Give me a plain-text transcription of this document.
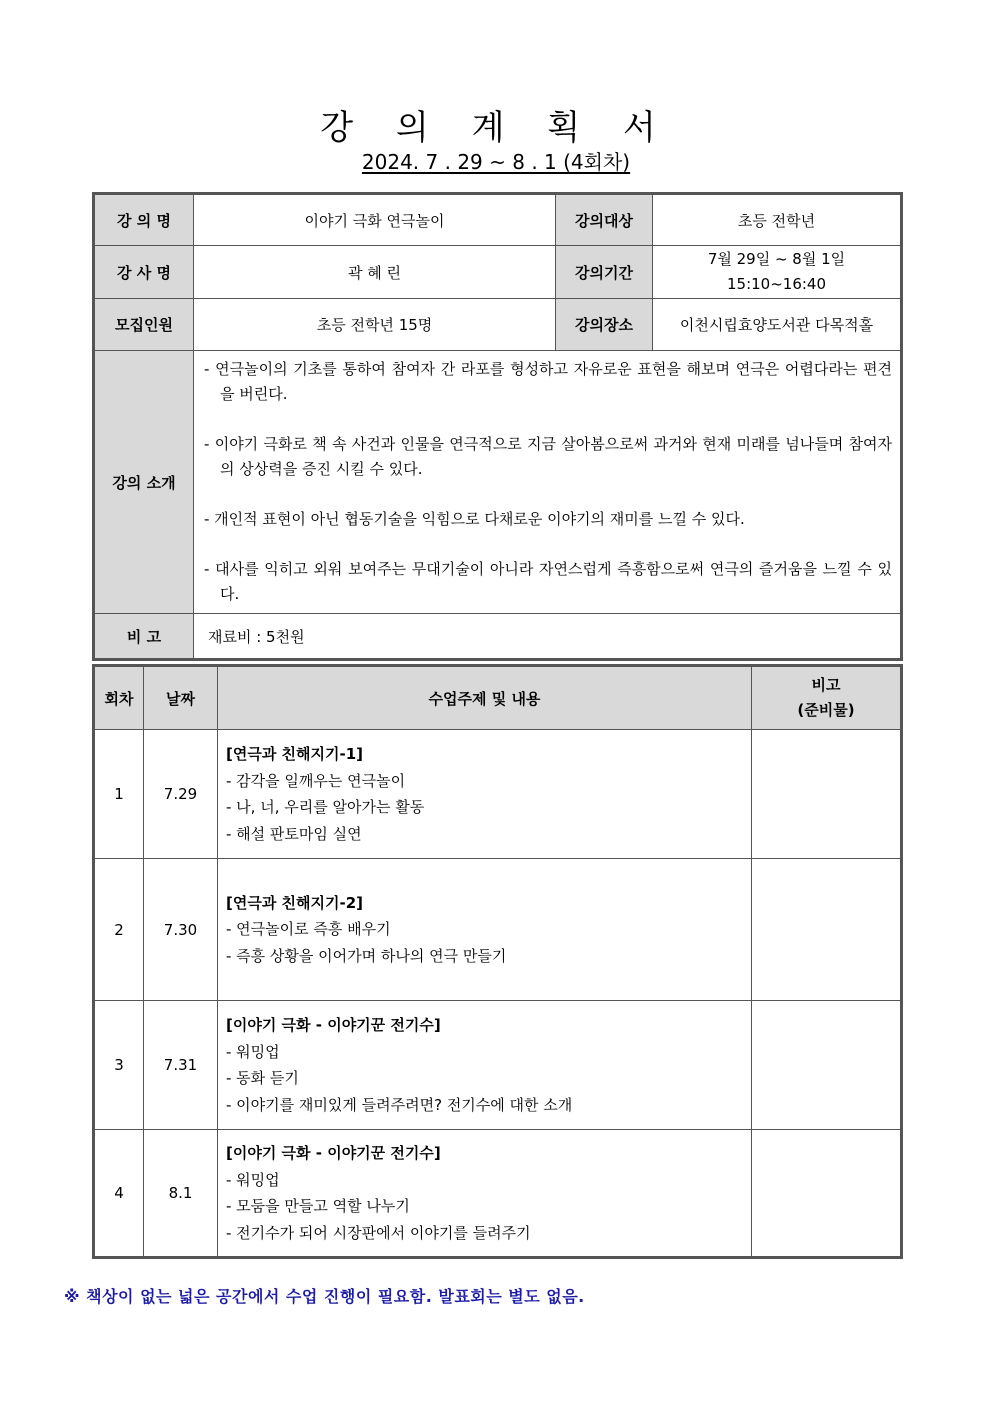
강 의 계 획 서
2024. 7 . 29 ~ 8 . 1 (4회차)
강 의 명	이야기 극화 연극놀이	강의대상	초등 전학년
강 사 명	곽 혜 린	강의기간	7월 29일 ~ 8월 1일
15:10~16:40

모집인원	초등 전학년 15명	강의장소	이천시립효양도서관 다목적홀
강의 소개	- 연극놀이의 기초를 통하여 참여자 간 라포를 형성하고 자유로운 표현을 해보며 연극은 어렵다라는 편견을 버린다.

- 이야기 극화로 책 속 사건과 인물을 연극적으로 지금 살아봄으로써 과거와 현재 미래를 넘나들며 참여자의 상상력을 증진 시킬 수 있다.

- 개인적 표현이 아닌 협동기술을 익힘으로 다채로운 이야기의 재미를 느낄 수 있다.

- 대사를 익히고 외워 보여주는 무대기술이 아니라 자연스럽게 즉흥함으로써 연극의 즐거움을 느낄 수 있다.		

비 고	재료비 : 5천원		
회차	날짜	수업주제 및 내용	비고
(준비물)

1	7.29	[연극과 친해지기-1]
- 감각을 일깨우는 연극놀이
- 나, 너, 우리를 알아가는 활동
- 해설 판토마임 실연	

2	7.30	[연극과 친해지기-2]
- 연극놀이로 즉흥 배우기
- 즉흥 상황을 이어가며 하나의 연극 만들기	

3	7.31	[이야기 극화 - 이야기꾼 전기수]
- 워밍업
- 동화 듣기
- 이야기를 재미있게 들려주려면? 전기수에 대한 소개	

4	8.1	[이야기 극화 - 이야기꾼 전기수]
- 워밍업
- 모둠을 만들고 역할 나누기
- 전기수가 되어 시장판에서 이야기를 들려주기	

※ 책상이 없는 넓은 공간에서 수업 진행이 필요함. 발표회는 별도 없음.
